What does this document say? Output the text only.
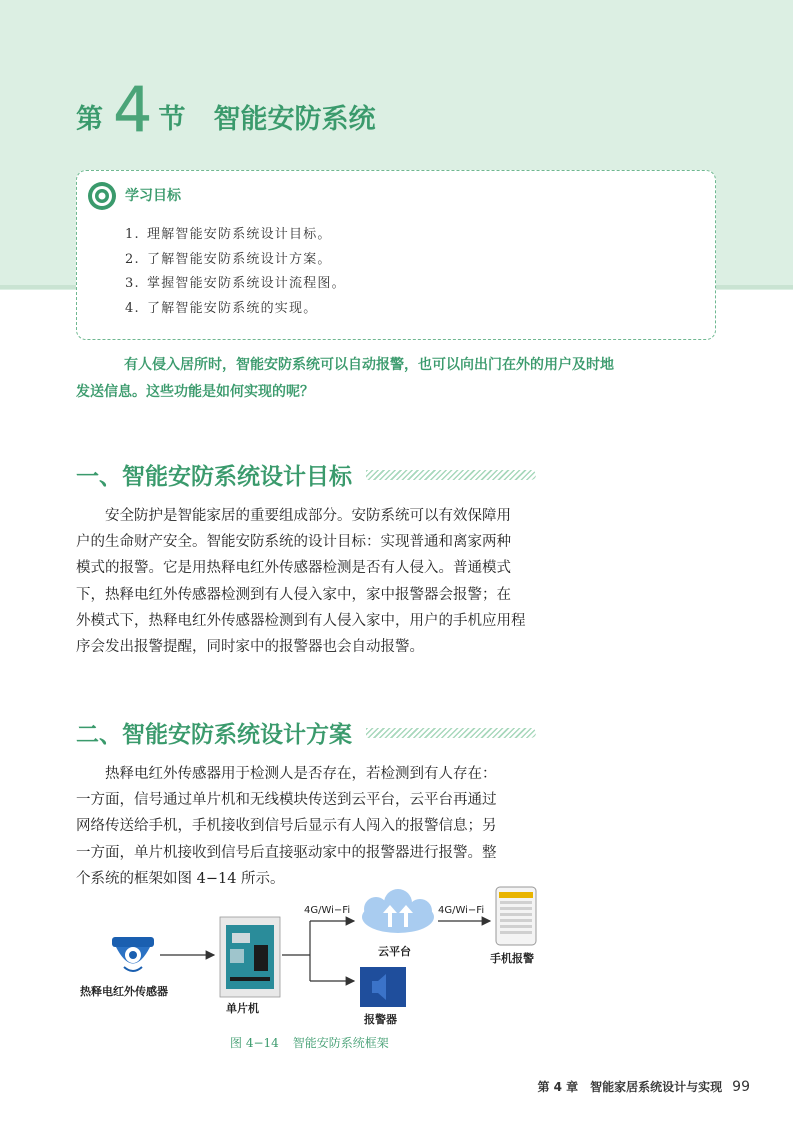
第 4 节 智能安防系统
学习目标
1. 理解智能安防系统设计目标。
2. 了解智能安防系统设计方案。
3. 掌握智能安防系统设计流程图。
4. 了解智能安防系统的实现。
有人侵入居所时，智能安防系统可以自动报警，也可以向出门在外的用户及时地
发送信息。这些功能是如何实现的呢？
一、智能安防系统设计目标
　　安全防护是智能家居的重要组成部分。安防系统可以有效保障用
户的生命财产安全。智能安防系统的设计目标：实现普通和离家两种
模式的报警。它是用热释电红外传感器检测是否有人侵入。普通模式
下，热释电红外传感器检测到有人侵入家中，家中报警器会报警；在
外模式下，热释电红外传感器检测到有人侵入家中，用户的手机应用程
序会发出报警提醒，同时家中的报警器也会自动报警。
二、智能安防系统设计方案
　　热释电红外传感器用于检测人是否存在，若检测到有人存在：
一方面，信号通过单片机和无线模块传送到云平台，云平台再通过
网络传送给手机，手机接收到信号后显示有人闯入的报警信息；另
一方面，单片机接收到信号后直接驱动家中的报警器进行报警。整
个系统的框架如图 4−14 所示。
热释电红外传感器
单片机
4G/Wi−Fi
云平台
4G/Wi−Fi
手机报警
报警器
图 4−14 智能安防系统框架
第 4 章　智能家居系统设计与实现 99
